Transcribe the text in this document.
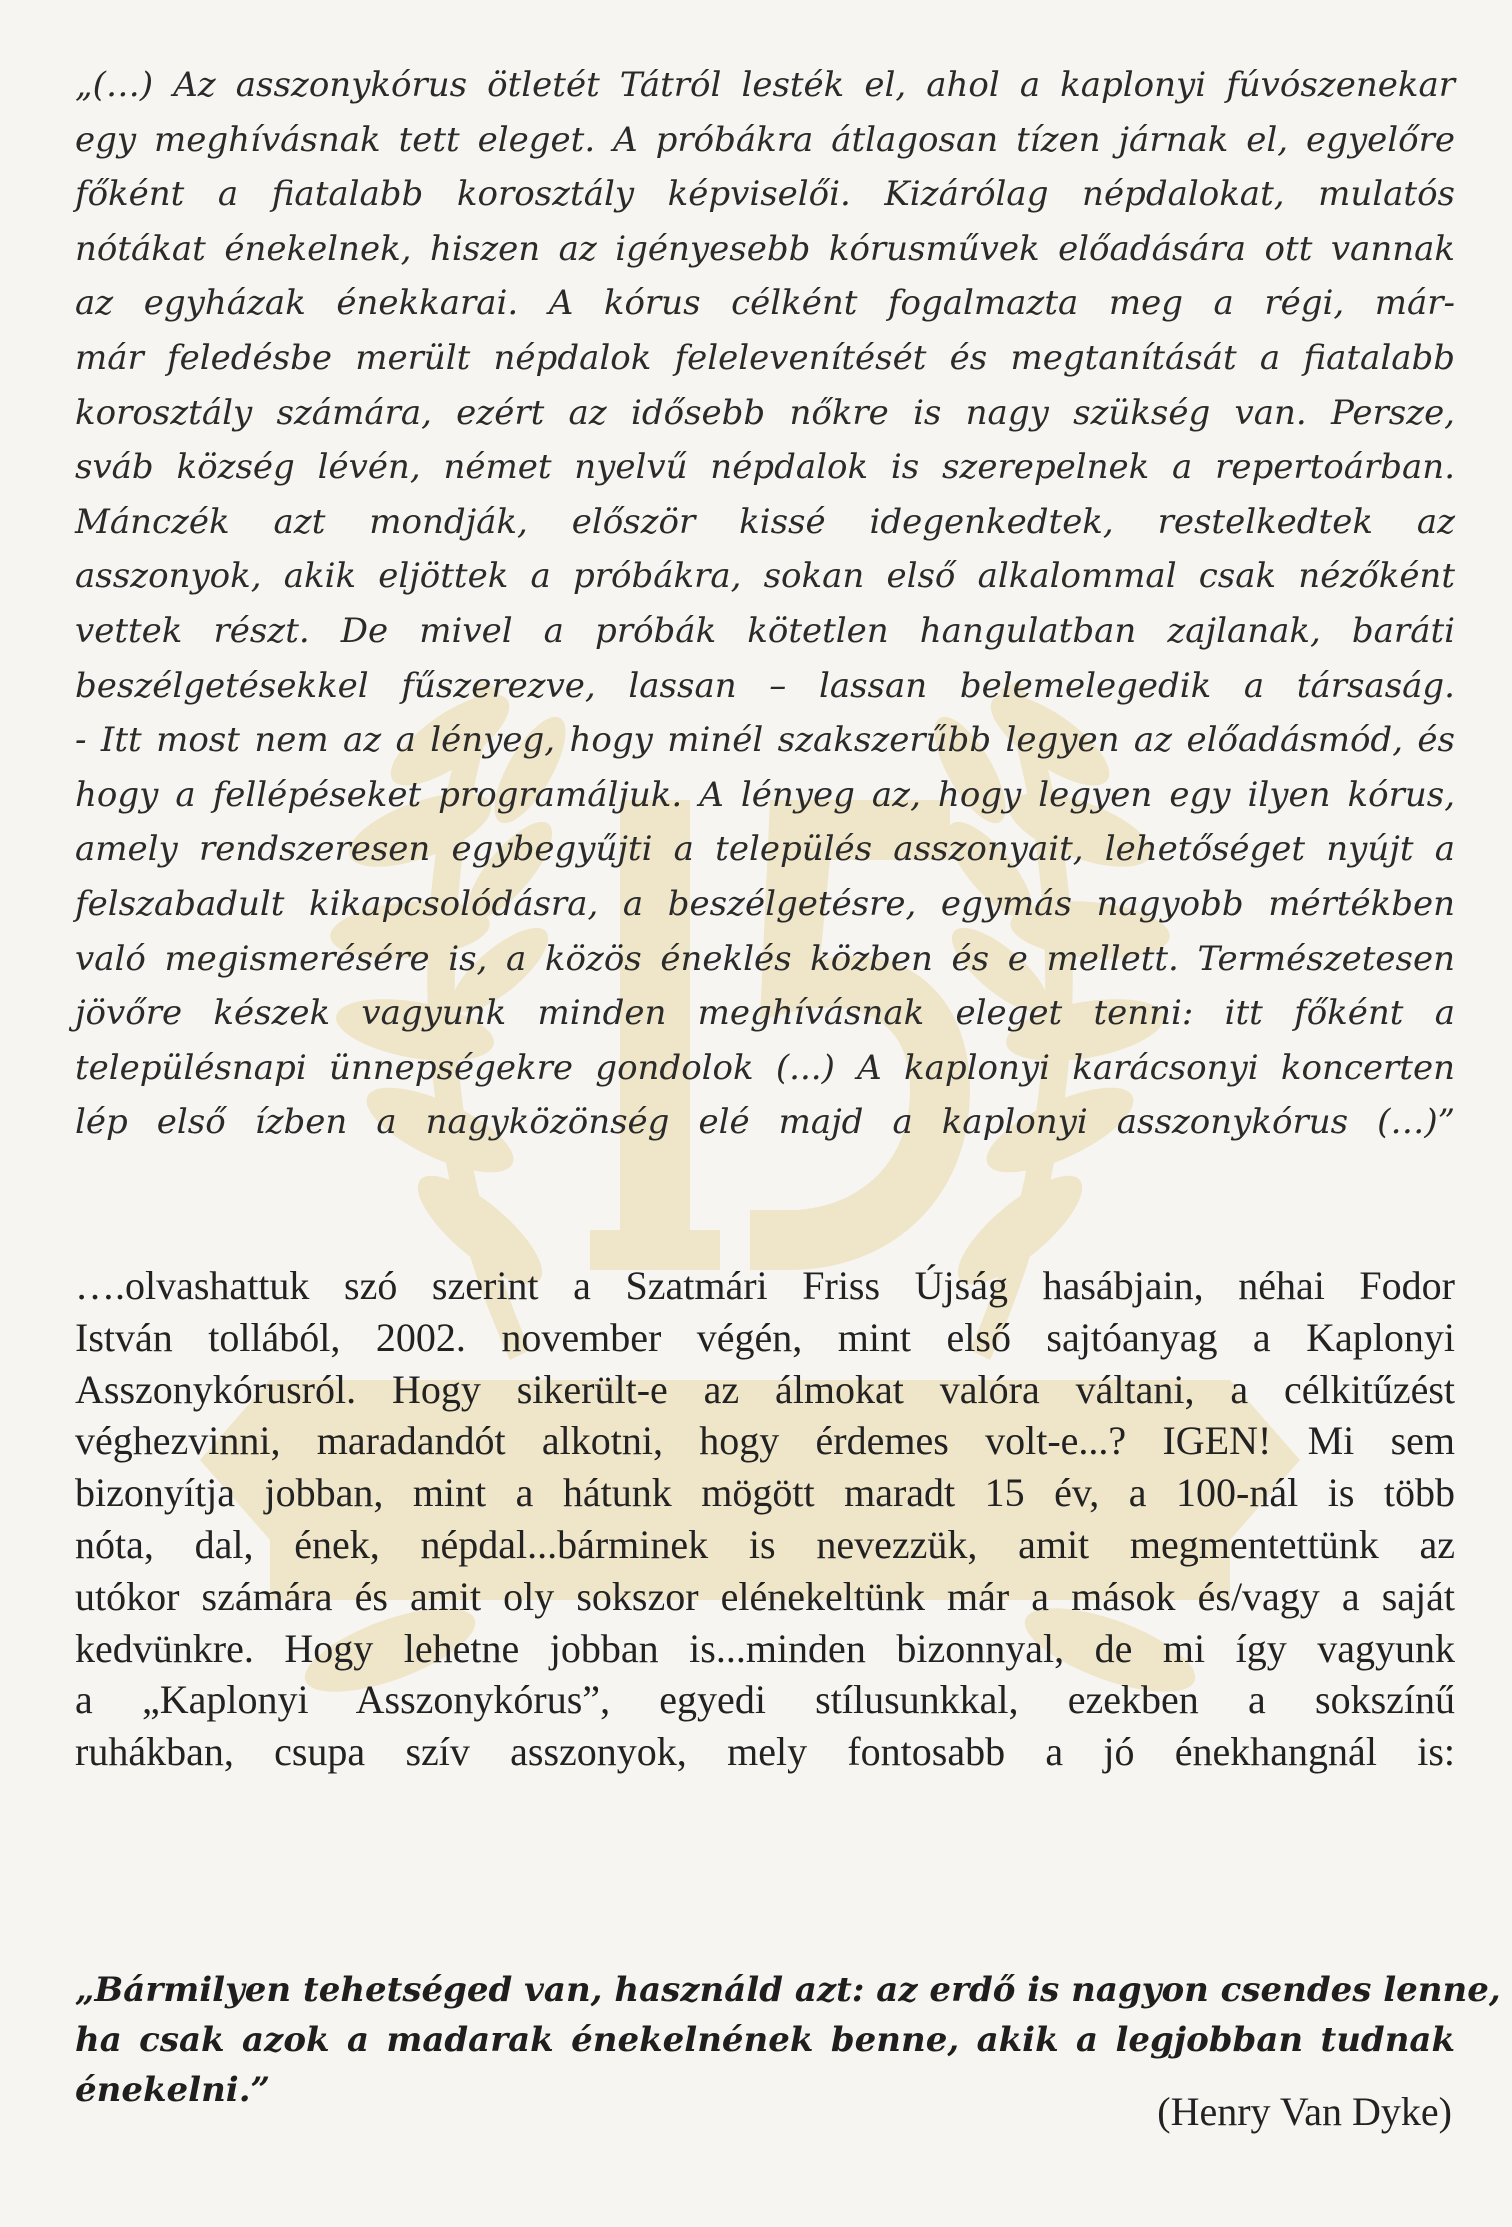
„(…) Az asszonykórus ötletét Tátról lesték el, ahol a kaplonyi fúvószenekar
egy meghívásnak tett eleget. A próbákra átlagosan tízen járnak el, egyelőre
főként a fiatalabb korosztály képviselői. Kizárólag népdalokat, mulatós
nótákat énekelnek, hiszen az igényesebb kórusművek előadására ott vannak
az egyházak énekkarai. A kórus célként fogalmazta meg a régi, már-
már feledésbe merült népdalok felelevenítését és megtanítását a fiatalabb
korosztály számára, ezért az idősebb nőkre is nagy szükség van. Persze,
sváb község lévén, német nyelvű népdalok is szerepelnek a repertoárban.
Mánczék azt mondják, először kissé idegenkedtek, restelkedtek az
asszonyok, akik eljöttek a próbákra, sokan első alkalommal csak nézőként
vettek részt. De mivel a próbák kötetlen hangulatban zajlanak, baráti
beszélgetésekkel fűszerezve, lassan – lassan belemelegedik a társaság.
- Itt most nem az a lényeg, hogy minél szakszerűbb legyen az előadásmód, és
hogy a fellépéseket programáljuk. A lényeg az, hogy legyen egy ilyen kórus,
amely rendszeresen egybegyűjti a település asszonyait, lehetőséget nyújt a
felszabadult kikapcsolódásra, a beszélgetésre, egymás nagyobb mértékben
való megismerésére is, a közös éneklés közben és e mellett. Természetesen
jövőre készek vagyunk minden meghívásnak eleget tenni: itt főként a
településnapi ünnepségekre gondolok (...) A kaplonyi karácsonyi koncerten
lép első ízben a nagyközönség elé majd a kaplonyi asszonykórus (…)”
….olvashattuk szó szerint a Szatmári Friss Újság hasábjain, néhai Fodor
István tollából, 2002. november végén, mint első sajtóanyag a Kaplonyi
Asszonykórusról. Hogy sikerült-e az álmokat valóra váltani, a célkitűzést
véghezvinni, maradandót alkotni, hogy érdemes volt-e...? IGEN! Mi sem
bizonyítja jobban, mint a hátunk mögött maradt 15 év, a 100-nál is több
nóta, dal, ének, népdal...bárminek is nevezzük, amit megmentettünk az
utókor számára és amit oly sokszor elénekeltünk már a mások és/vagy a saját
kedvünkre. Hogy lehetne jobban is...minden bizonnyal, de mi így vagyunk
a „Kaplonyi Asszonykórus”, egyedi stílusunkkal, ezekben a sokszínű
ruhákban, csupa szív asszonyok, mely fontosabb a jó énekhangnál is:
„Bármilyen tehetséged van, használd azt: az erdő is nagyon csendes lenne,
ha csak azok a madarak énekelnének benne, akik a legjobban tudnak
énekelni.”	(Henry Van Dyke)
